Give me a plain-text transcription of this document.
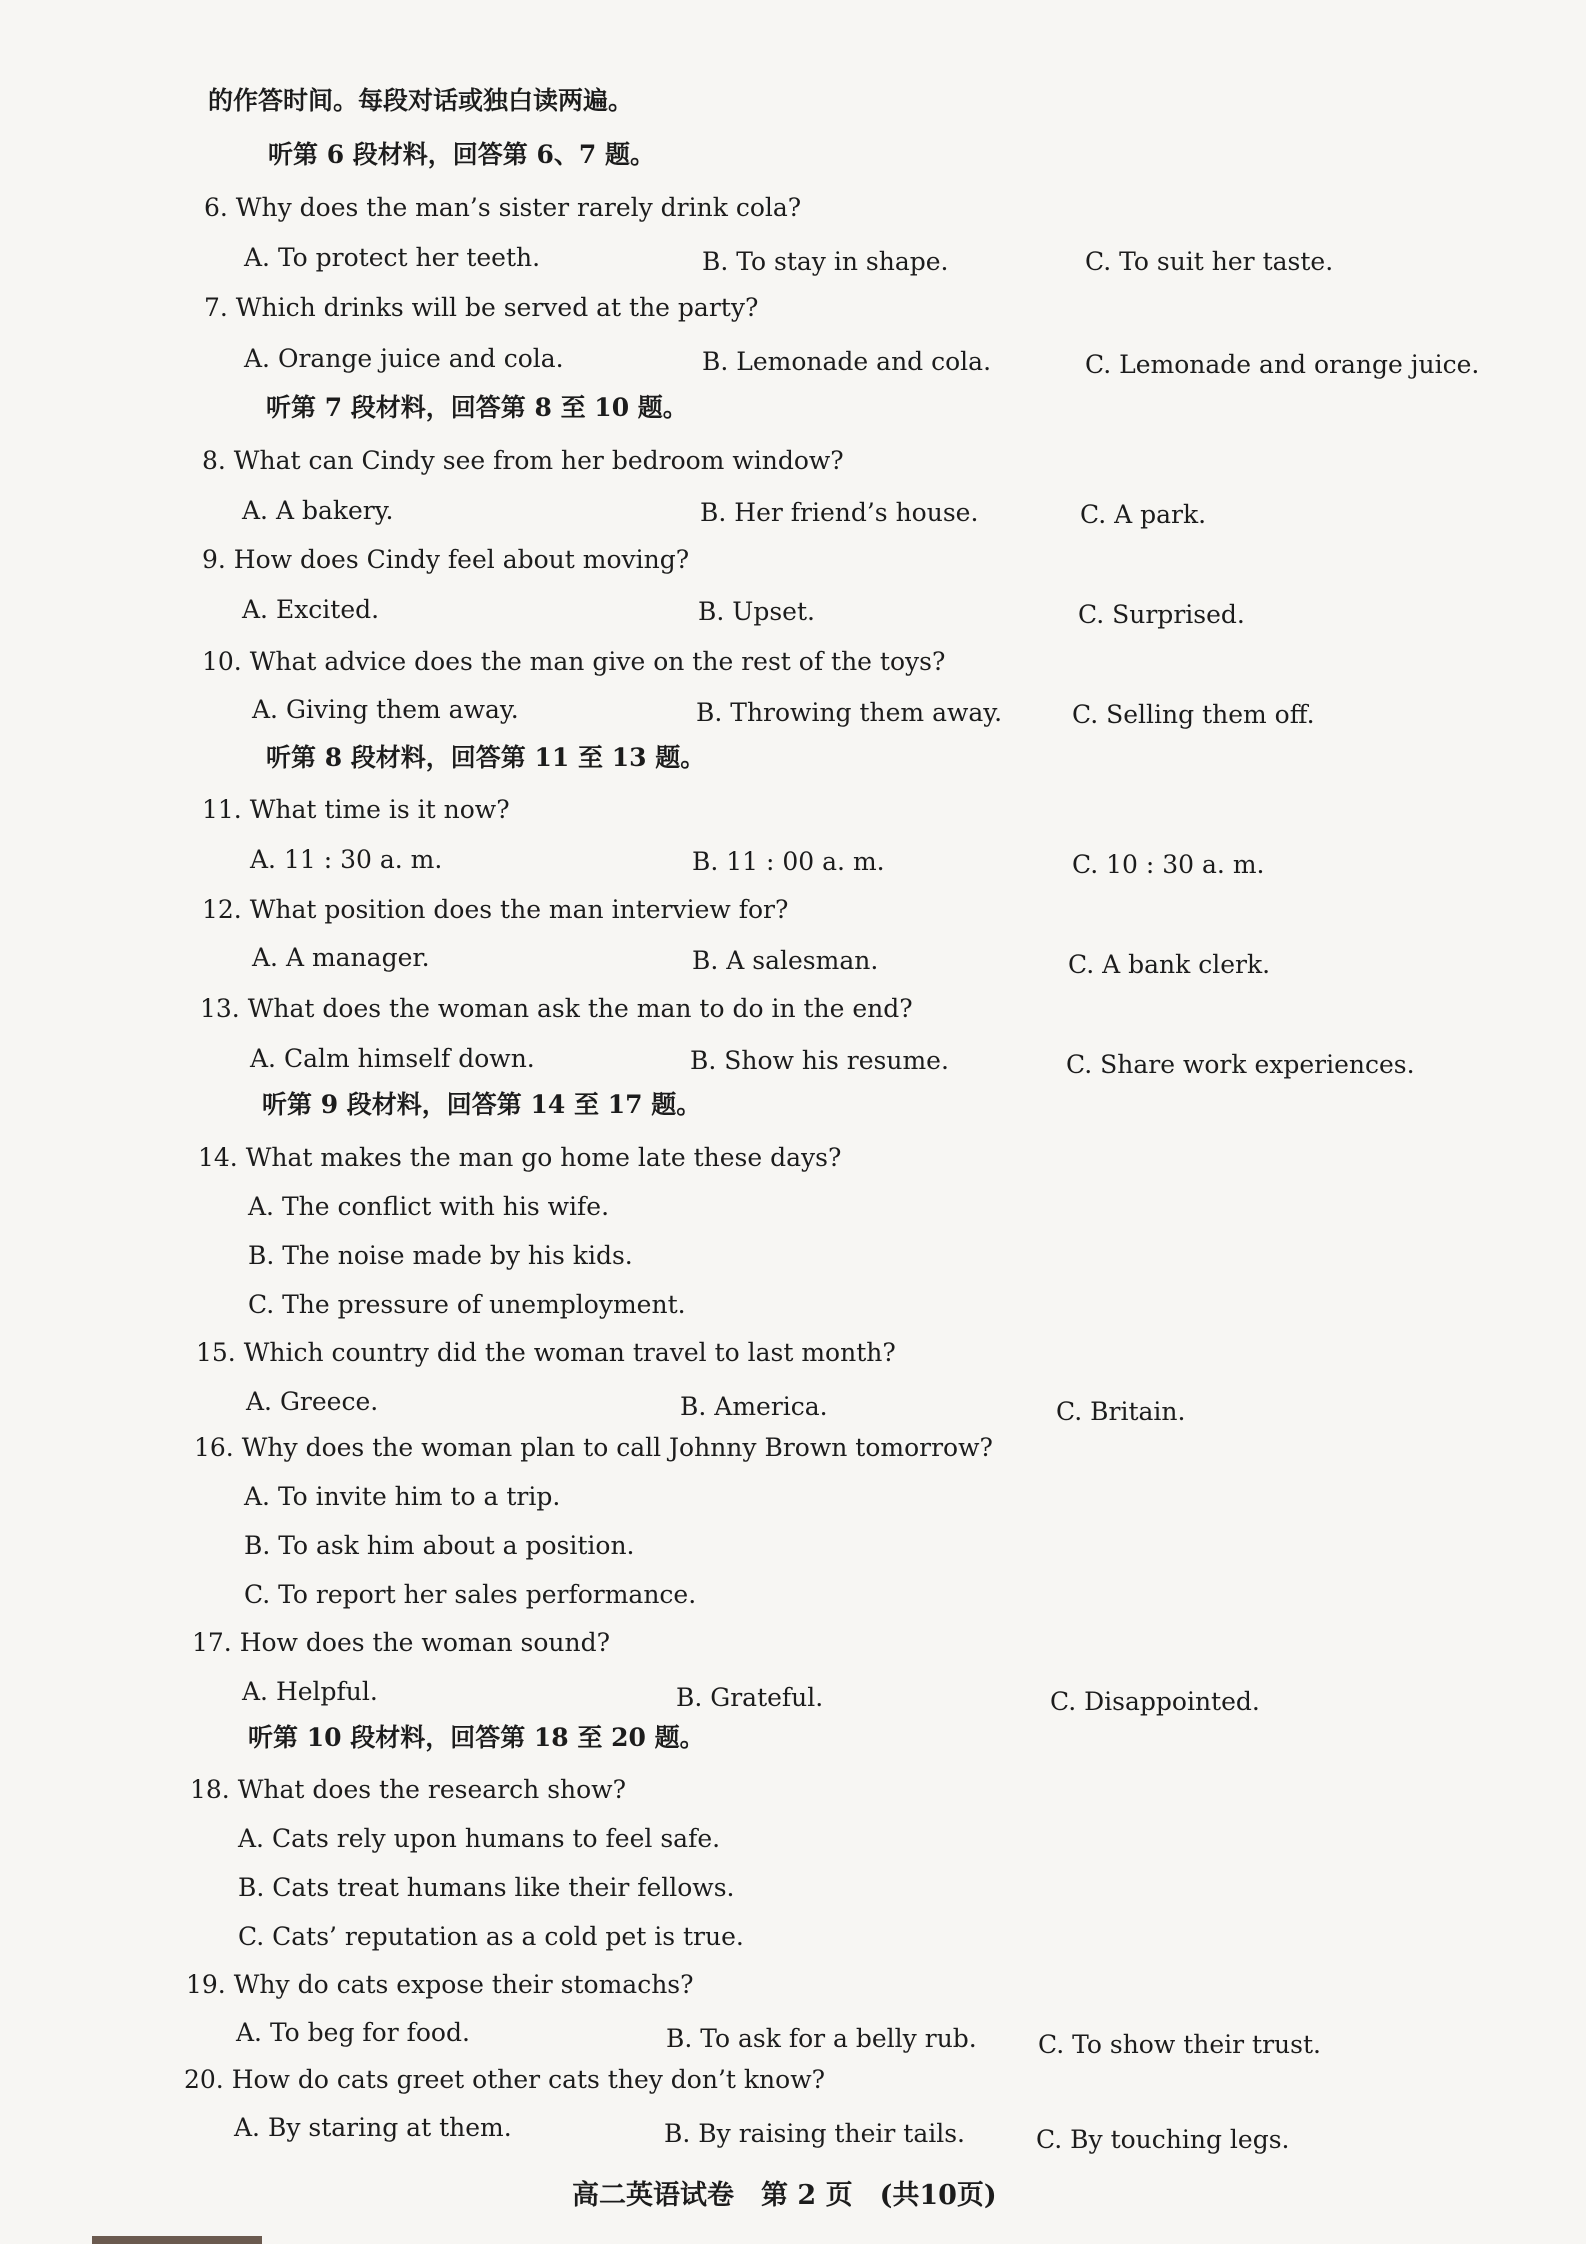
的作答时间。每段对话或独白读两遍。
听第 6 段材料，回答第 6、7 题。
6. Why does the man’s sister rarely drink cola?
A. To protect her teeth.	B. To stay in shape.	C. To suit her taste.
7. Which drinks will be served at the party?
A. Orange juice and cola.	B. Lemonade and cola.	C. Lemonade and orange juice.
听第 7 段材料，回答第 8 至 10 题。
8. What can Cindy see from her bedroom window?
A. A bakery.	B. Her friend’s house.	C. A park.
9. How does Cindy feel about moving?
A. Excited.	B. Upset.	C. Surprised.
10. What advice does the man give on the rest of the toys?
A. Giving them away.	B. Throwing them away.	C. Selling them off.
听第 8 段材料，回答第 11 至 13 题。
11. What time is it now?
A. 11 : 30 a. m.	B. 11 : 00 a. m.	C. 10 : 30 a. m.
12. What position does the man interview for?
A. A manager.	B. A salesman.	C. A bank clerk.
13. What does the woman ask the man to do in the end?
A. Calm himself down.	B. Show his resume.	C. Share work experiences.
听第 9 段材料，回答第 14 至 17 题。
14. What makes the man go home late these days?
A. The conflict with his wife.
B. The noise made by his kids.
C. The pressure of unemployment.
15. Which country did the woman travel to last month?
A. Greece.	B. America.	C. Britain.
16. Why does the woman plan to call Johnny Brown tomorrow?
A. To invite him to a trip.
B. To ask him about a position.
C. To report her sales performance.
17. How does the woman sound?
A. Helpful.	B. Grateful.	C. Disappointed.
听第 10 段材料，回答第 18 至 20 题。
18. What does the research show?
A. Cats rely upon humans to feel safe.
B. Cats treat humans like their fellows.
C. Cats’ reputation as a cold pet is true.
19. Why do cats expose their stomachs?
A. To beg for food.	B. To ask for a belly rub. C. To show their trust.
20. How do cats greet other cats they don’t know?
A. By staring at them.	B. By raising their tails.	C. By touching legs.
高二英语试卷　第 2 页　(共10页)
